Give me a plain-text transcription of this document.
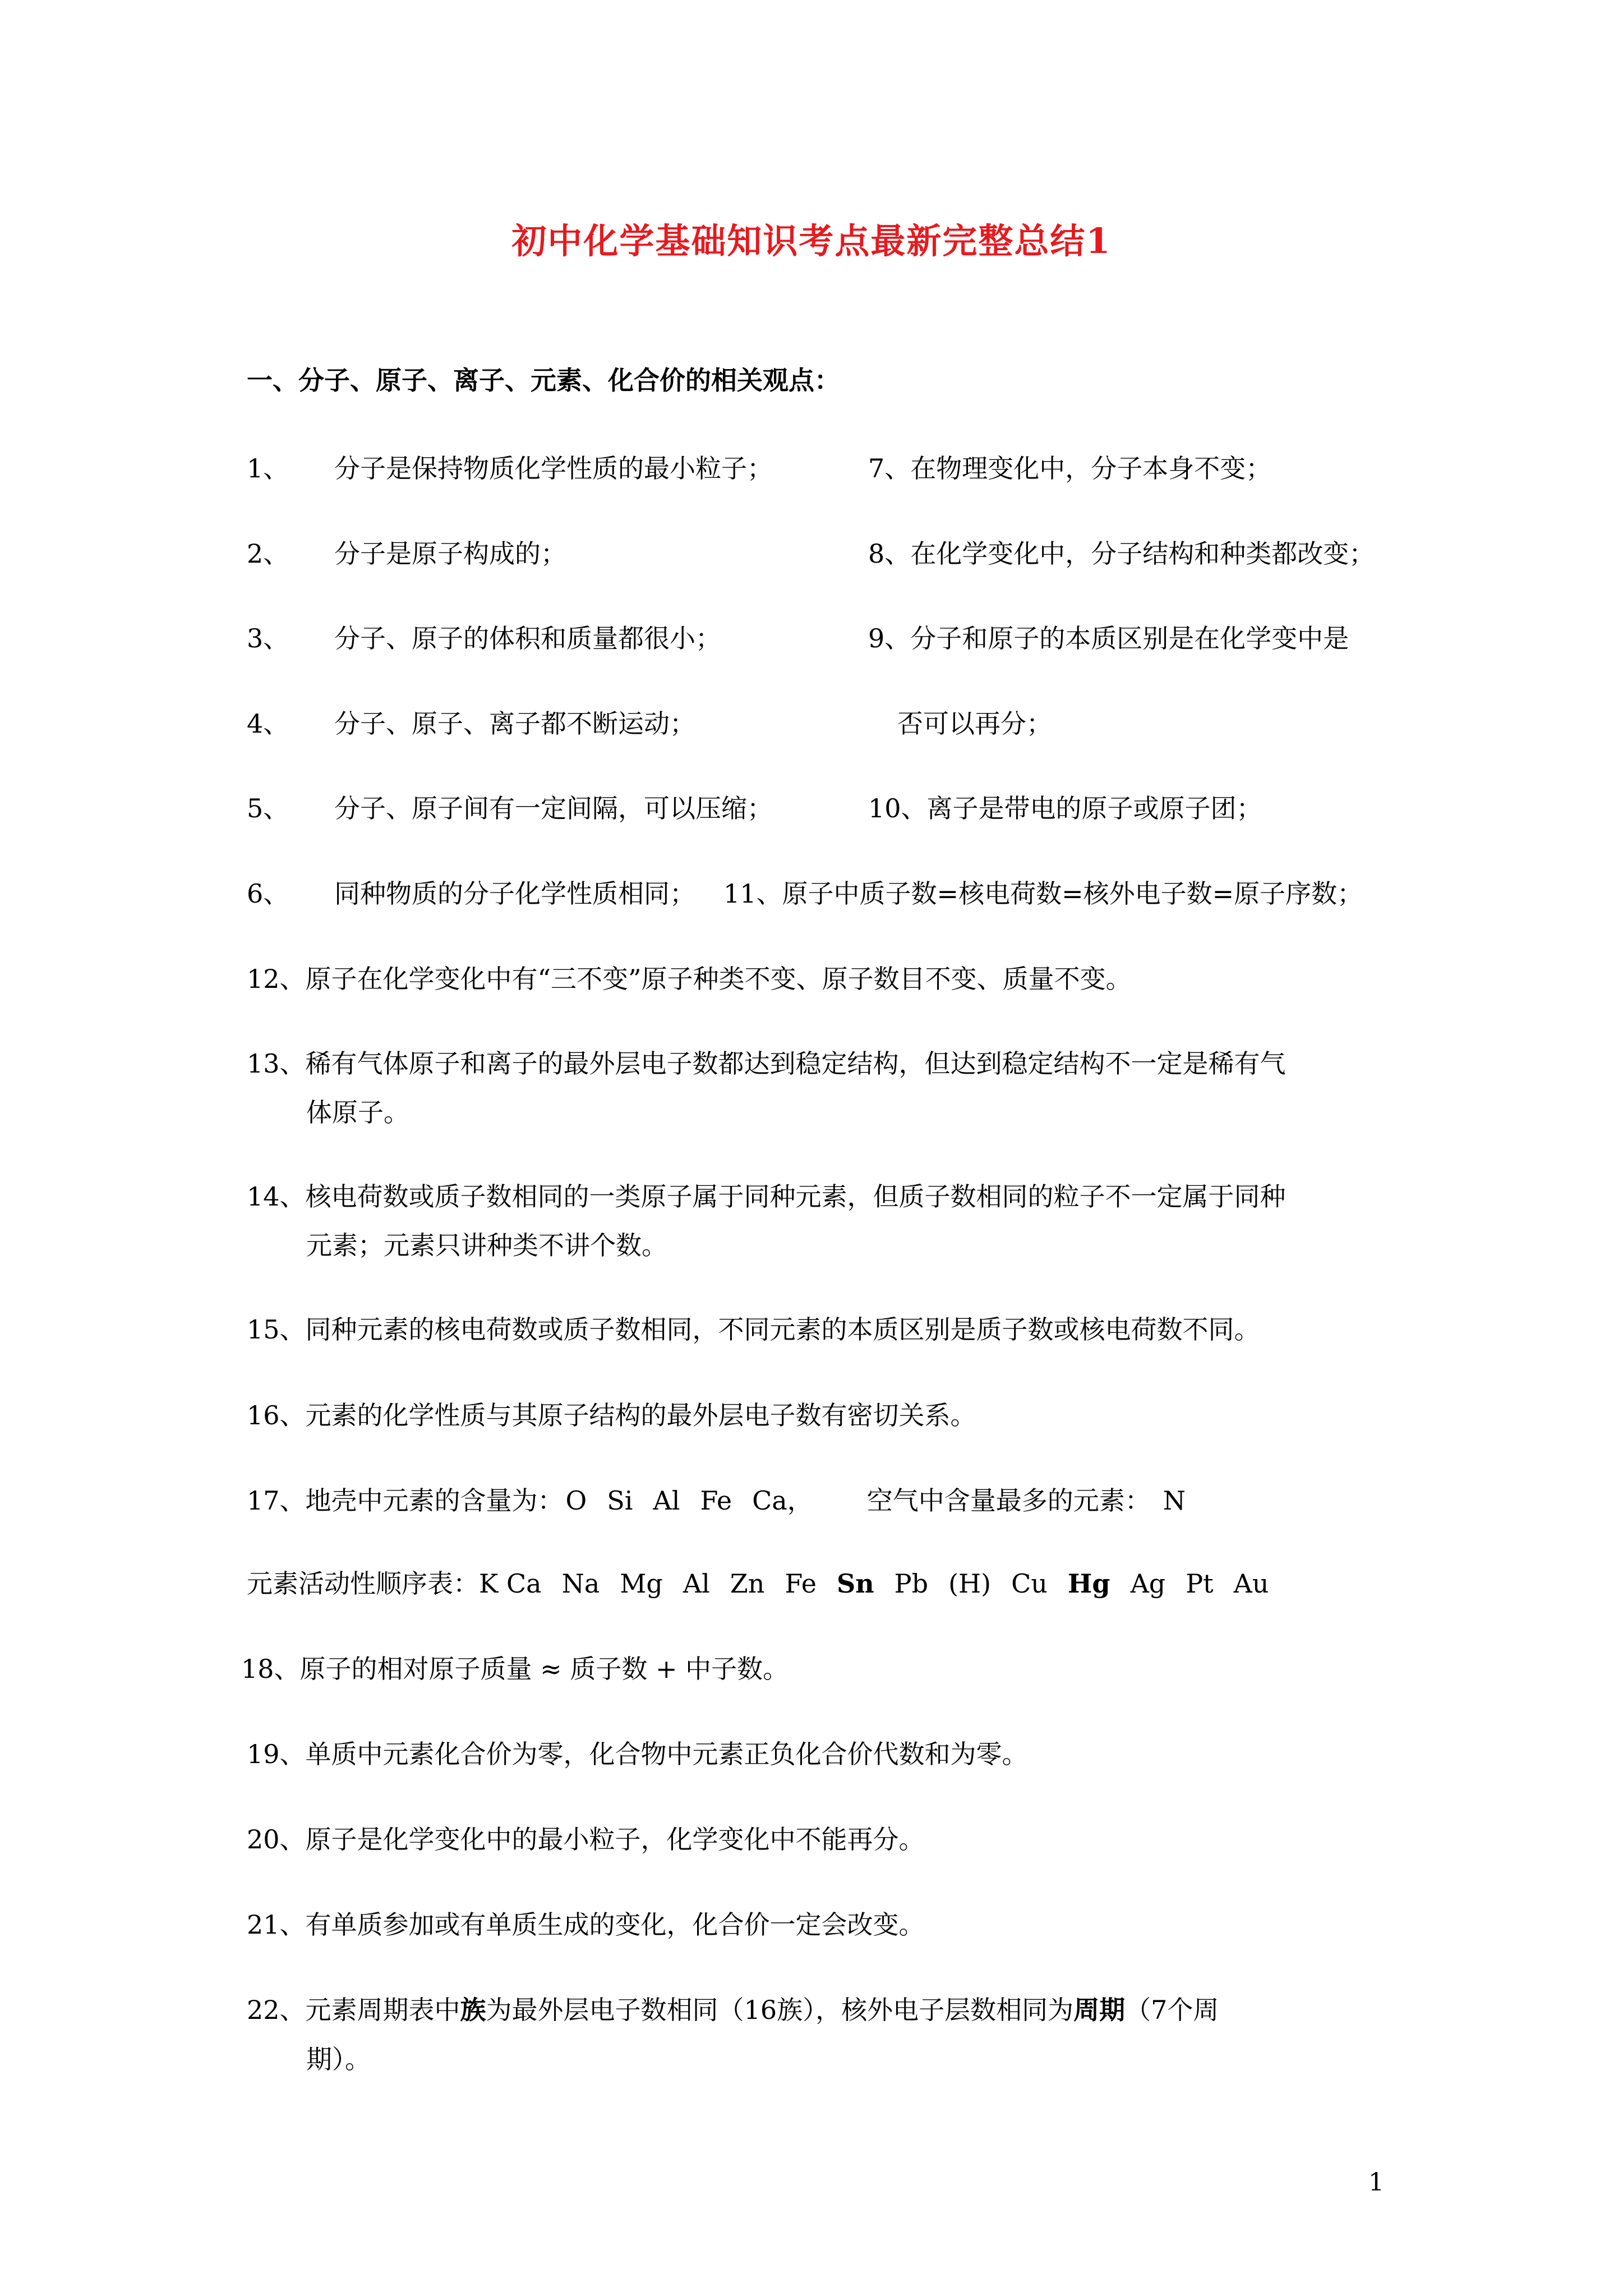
初中化学基础知识考点最新完整总结1
一、分子、原子、离子、元素、化合价的相关观点：
1、 分子是保持物质化学性质的最小粒子；	7、在物理变化中，分子本身不变；
2、 分子是原子构成的；	8、在化学变化中，分子结构和种类都改变；
3、 分子、原子的体积和质量都很小；	9、分子和原子的本质区别是在化学变中是
4、 分子、原子、离子都不断运动；	否可以再分；
5、 分子、原子间有一定间隔，可以压缩；	10、离子是带电的原子或原子团；
6、 同种物质的分子化学性质相同； 11、原子中质子数=核电荷数=核外电子数=原子序数；
12、原子在化学变化中有“三不变”原子种类不变、原子数目不变、质量不变。
13、稀有气体原子和离子的最外层电子数都达到稳定结构，但达到稳定结构不一定是稀有气
体原子。
14、核电荷数或质子数相同的一类原子属于同种元素，但质子数相同的粒子不一定属于同种
元素；元素只讲种类不讲个数。
15、同种元素的核电荷数或质子数相同，不同元素的本质区别是质子数或核电荷数不同。
16、元素的化学性质与其原子结构的最外层电子数有密切关系。
17、地壳中元素的含量为：O Si Al Fe Ca， 空气中含量最多的元素： N
元素活动性顺序表：K Ca Na Mg Al Zn Fe Sn Pb (H) Cu Hg Ag Pt Au
18、原子的相对原子质量 ≈ 质子数 + 中子数。
19、单质中元素化合价为零，化合物中元素正负化合价代数和为零。
20、原子是化学变化中的最小粒子，化学变化中不能再分。
21、有单质参加或有单质生成的变化，化合价一定会改变。
22、元素周期表中族为最外层电子数相同（16族），核外电子层数相同为周期（7个周
期）。
1
